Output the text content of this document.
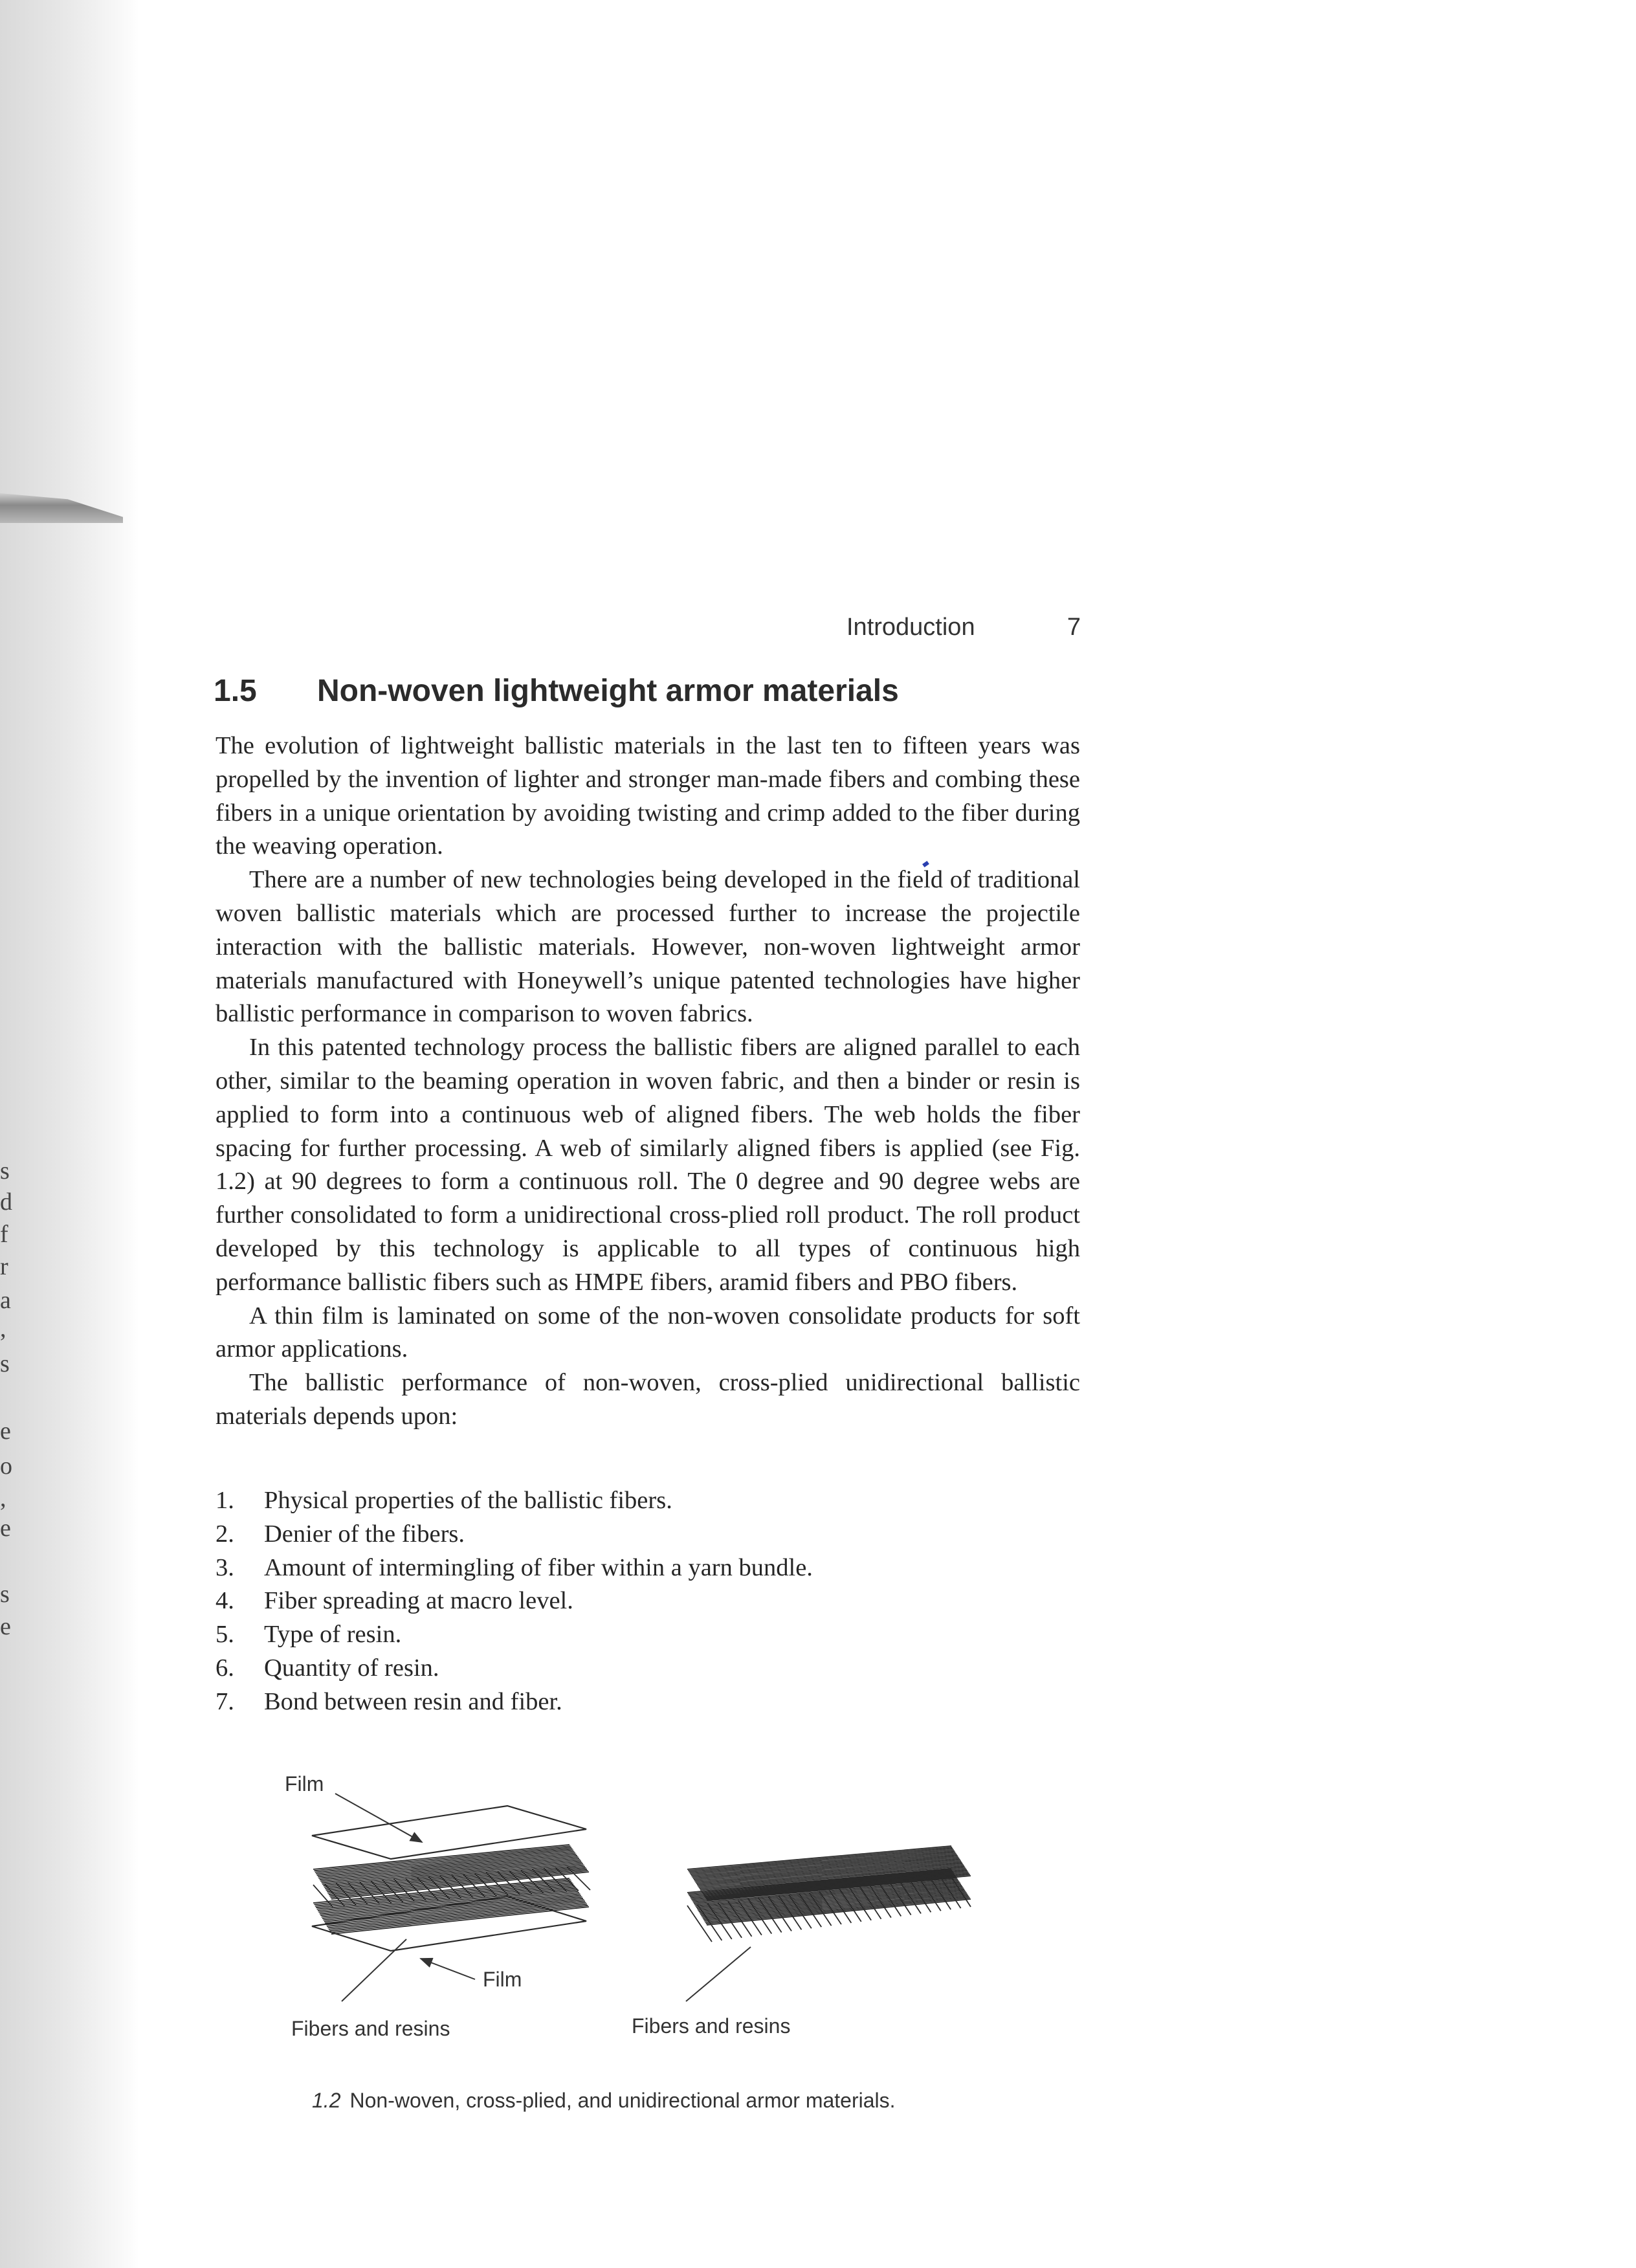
s
d
f
r
a
,
s
e
o
,
e
s
e
Introduction	7
1.5 Non-woven lightweight armor materials

The evolution of lightweight ballistic materials in the last ten to fifteen years was propelled by the invention of lighter and stronger man-made fibers and combing these fibers in a unique orientation by avoiding twisting and crimp added to the fiber during the weaving operation.

There are a number of new technologies being developed in the field of traditional woven ballistic materials which are processed further to increase the projectile interaction with the ballistic materials. However, non-woven lightweight armor materials manufactured with Honeywell’s unique patented technologies have higher ballistic performance in comparison to woven fabrics.

In this patented technology process the ballistic fibers are aligned parallel to each other, similar to the beaming operation in woven fabric, and then a binder or resin is applied to form into a continuous web of aligned fibers. The web holds the fiber spacing for further processing. A web of similarly aligned fibers is applied (see Fig. 1.2) at 90 degrees to form a continuous roll. The 0 degree and 90 degree webs are further consolidated to form a unidirectional cross-plied roll product. The roll product developed by this technology is applicable to all types of continuous high performance ballistic fibers such as HMPE fibers, aramid fibers and PBO fibers.

A thin film is laminated on some of the non-woven consolidate products for soft armor applications.

The ballistic performance of non-woven, cross-plied unidirectional ballistic materials depends upon:

1. Physical properties of the ballistic fibers.
2. Denier of the fibers.
3. Amount of intermingling of fiber within a yarn bundle.
4. Fiber spreading at macro level.
5. Type of resin.
6. Quantity of resin.
7. Bond between resin and fiber.
Film
Film
Fibers and resins	Fibers and resins
1.2 Non-woven, cross-plied, and unidirectional armor materials.
